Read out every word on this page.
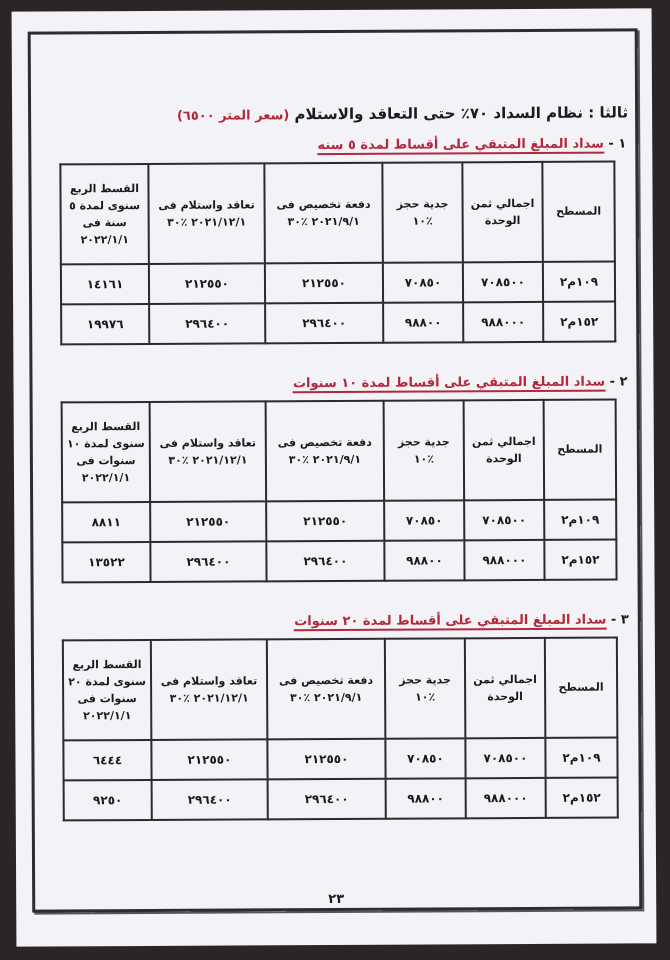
ثالثا : نظام السداد ٧٠٪ حتى التعاقد والاستلام (سعر المتر ٦٥٠٠)
١ - سداد المبلغ المتبقي على أقساط لمدة ٥ سنه
المسطح	اجمالي ثمن الوحدة	جدية حجز ٪١٠	دفعة تخصيص فى ٢٠٢١/٩/١ ٪٣٠	تعاقد واستلام فى ٢٠٢١/١٢/١ ٪٣٠	القسط الربع سنوى لمدة ٥ سنة فى ٢٠٢٢/١/١
١٠٩م٢	٧٠٨٥٠٠	٧٠٨٥٠	٢١٢٥٥٠	٢١٢٥٥٠	١٤١٦١
١٥٢م٢	٩٨٨٠٠٠	٩٨٨٠٠	٢٩٦٤٠٠	٢٩٦٤٠٠	١٩٩٧٦
٢ - سداد المبلغ المتبقي على أقساط لمدة ١٠ سنوات
المسطح	اجمالي ثمن الوحدة	جدية حجز ٪١٠	دفعة تخصيص فى ٢٠٢١/٩/١ ٪٣٠	تعاقد واستلام فى ٢٠٢١/١٢/١ ٪٣٠	القسط الربع سنوى لمدة ١٠ سنوات فى ٢٠٢٢/١/١
١٠٩م٢	٧٠٨٥٠٠	٧٠٨٥٠	٢١٢٥٥٠	٢١٢٥٥٠	٨٨١١
١٥٢م٢	٩٨٨٠٠٠	٩٨٨٠٠	٢٩٦٤٠٠	٢٩٦٤٠٠	١٣٥٢٢
٣ - سداد المبلغ المتبقي على أقساط لمدة ٢٠ سنوات
المسطح	اجمالي ثمن الوحدة	جدية حجز ٪١٠	دفعة تخصيص فى ٢٠٢١/٩/١ ٪٣٠	تعاقد واستلام فى ٢٠٢١/١٢/١ ٪٣٠	القسط الربع سنوى لمدة ٢٠ سنوات فى ٢٠٢٢/١/١
١٠٩م٢	٧٠٨٥٠٠	٧٠٨٥٠	٢١٢٥٥٠	٢١٢٥٥٠	٦٤٤٤
١٥٢م٢	٩٨٨٠٠٠	٩٨٨٠٠	٢٩٦٤٠٠	٢٩٦٤٠٠	٩٢٥٠
٢٣
